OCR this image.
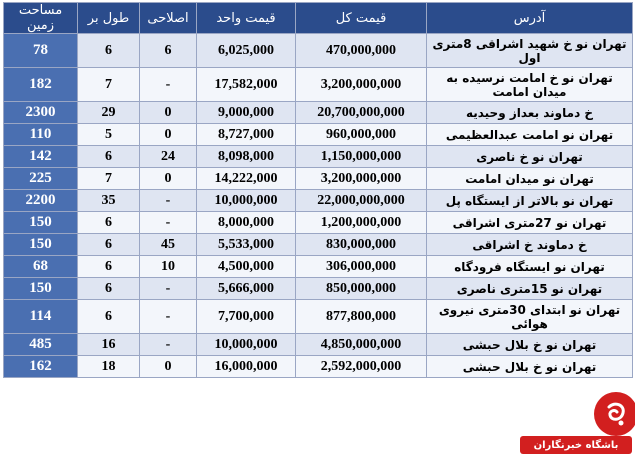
مساحت زمین	طول بر	اصلاحی	قیمت واحد	قیمت کل	آدرس
78	6	6	6,025,000	470,000,000	تهران نو خ شهید اشراقی 8متری اول
182	7	-	17,582,000	3,200,000,000	تهران نو خ امامت نرسیده به میدان امامت
2300	29	0	9,000,000	20,700,000,000	خ دماوند بعداز وحیدیه
110	5	0	8,727,000	960,000,000	تهران نو امامت عبدالعظیمی
142	6	24	8,098,000	1,150,000,000	تهران نو خ ناصری
225	7	0	14,222,000	3,200,000,000	تهران نو میدان امامت
2200	35	-	10,000,000	22,000,000,000	تهران نو بالاتر از ایستگاه پل
150	6	-	8,000,000	1,200,000,000	تهران نو 27متری اشراقی
150	6	45	5,533,000	830,000,000	خ دماوند خ اشراقی
68	6	10	4,500,000	306,000,000	تهران نو ایستگاه فرودگاه
150	6	-	5,666,000	850,000,000	تهران نو 15متری ناصری
114	6	-	7,700,000	877,800,000	تهران نو ابتدای 30متری نیروی هوائی
485	16	-	10,000,000	4,850,000,000	تهران نو خ بلال حبشی
162	18	0	16,000,000	2,592,000,000	تهران نو خ بلال حبشی
باشگاه خبرنگاران
